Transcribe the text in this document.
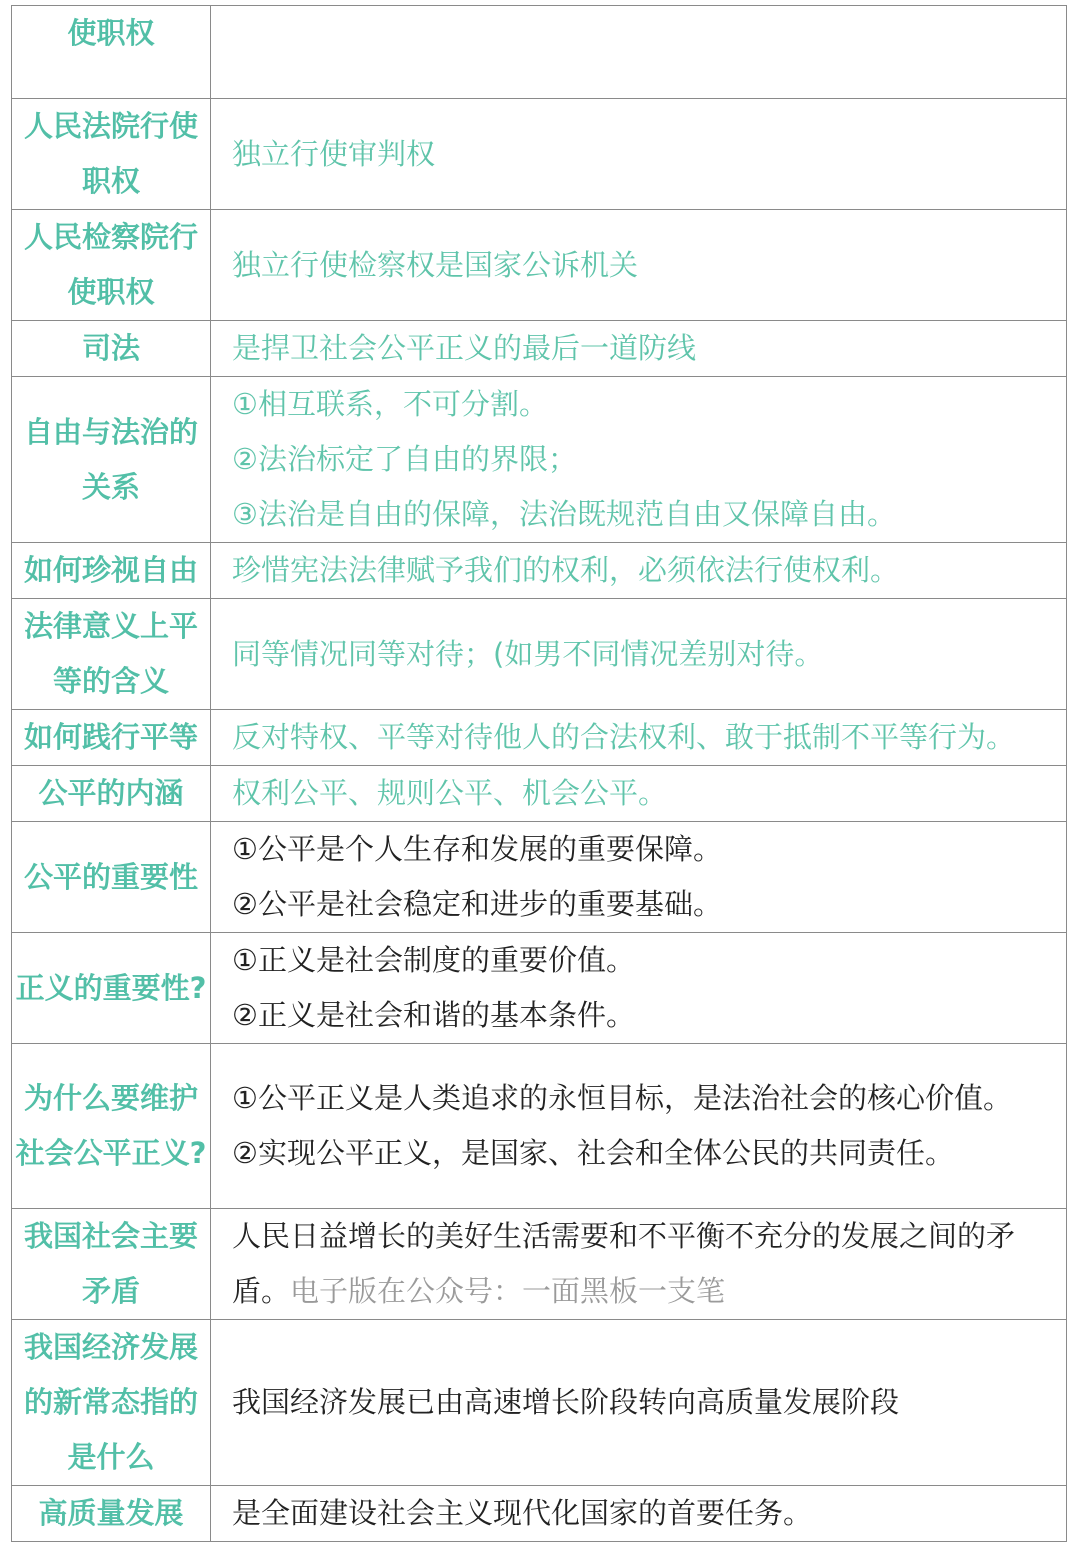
使职权	
人民法院行使职权	独立行使审判权

人民检察院行使职权	独立行使检察权是国家公诉机关

司法	是捍卫社会公平正义的最后一道防线

自由与法治的关系	①相互联系，不可分割。
②法治标定了自由的界限；
③法治是自由的保障，法治既规范自由又保障自由。

如何珍视自由	珍惜宪法法律赋予我们的权利，必须依法行使权利。

法律意义上平等的含义	同等情况同等对待；(如男不同情况差别对待。

如何践行平等	反对特权、平等对待他人的合法权利、敢于抵制不平等行为。

公平的内涵	权利公平、规则公平、机会公平。

公平的重要性	①公平是个人生存和发展的重要保障。
②公平是社会稳定和进步的重要基础。

正义的重要性?	①正义是社会制度的重要价值。
②正义是社会和谐的基本条件。

为什么要维护社会公平正义?	①公平正义是人类追求的永恒目标，是法治社会的核心价值。
②实现公平正义，是国家、社会和全体公民的共同责任。

我国社会主要矛盾	人民日益增长的美好生活需要和不平衡不充分的发展之间的矛盾。电子版在公众号：一面黑板一支笔
我国经济发展的新常态指的是什么	我国经济发展已由高速增长阶段转向高质量发展阶段

高质量发展	是全面建设社会主义现代化国家的首要任务。
